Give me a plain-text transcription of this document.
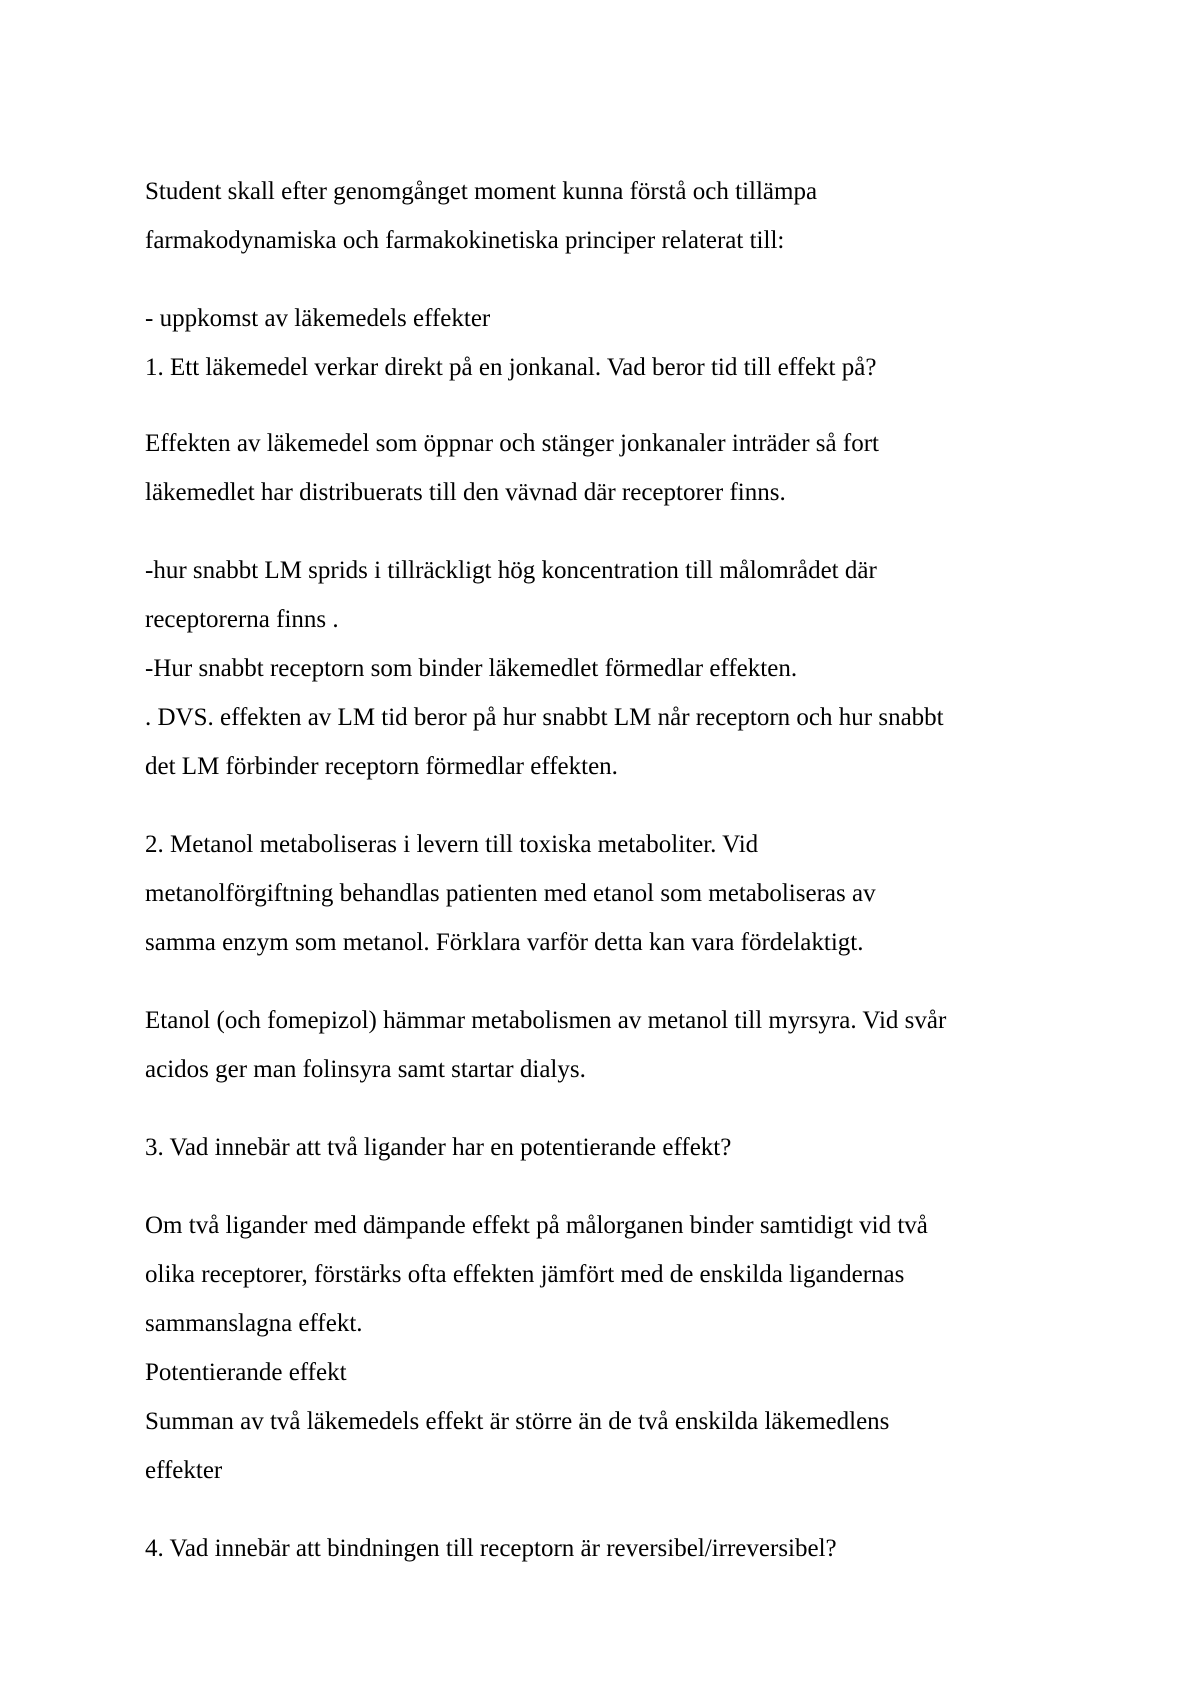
Student skall efter genomgånget moment kunna förstå och tillämpa

farmakodynamiska och farmakokinetiska principer relaterat till:

- uppkomst av läkemedels effekter

1. Ett läkemedel verkar direkt på en jonkanal. Vad beror tid till effekt på?

Effekten av läkemedel som öppnar och stänger jonkanaler inträder så fort

läkemedlet har distribuerats till den vävnad där receptorer finns.

-hur snabbt LM sprids i tillräckligt hög koncentration till målområdet där

receptorerna finns .

-Hur snabbt receptorn som binder läkemedlet förmedlar effekten.

. DVS. effekten av LM tid beror på hur snabbt LM når receptorn och hur snabbt

det LM förbinder receptorn förmedlar effekten.

2. Metanol metaboliseras i levern till toxiska metaboliter. Vid

metanolförgiftning behandlas patienten med etanol som metaboliseras av

samma enzym som metanol. Förklara varför detta kan vara fördelaktigt.

Etanol (och fomepizol) hämmar metabolismen av metanol till myrsyra. Vid svår

acidos ger man folinsyra samt startar dialys.

3. Vad innebär att två ligander har en potentierande effekt?

Om två ligander med dämpande effekt på målorganen binder samtidigt vid två

olika receptorer, förstärks ofta effekten jämfört med de enskilda ligandernas

sammanslagna effekt.

Potentierande effekt

Summan av två läkemedels effekt är större än de två enskilda läkemedlens

effekter

4. Vad innebär att bindningen till receptorn är reversibel/irreversibel?
